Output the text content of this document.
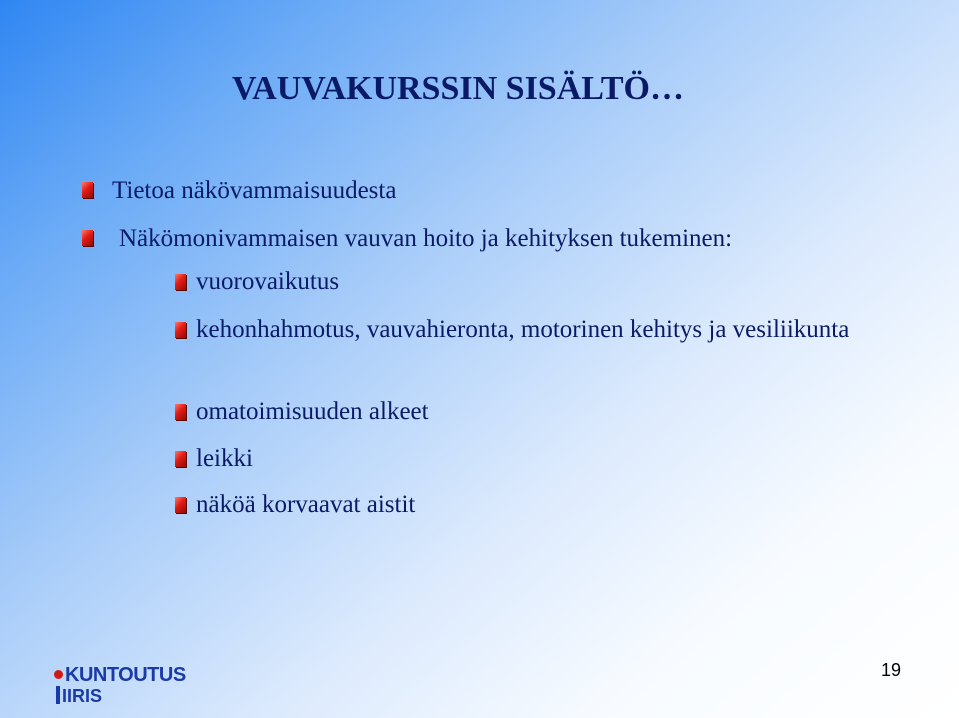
VAUVAKURSSIN SISÄLTÖ…
Tietoa näkövammaisuudesta
Näkömonivammaisen vauvan hoito ja kehityksen tukeminen:
vuorovaikutus
kehonhahmotus, vauvahieronta, motorinen kehitys ja vesiliikunta
omatoimisuuden alkeet
leikki
näköä korvaavat aistit
KUNTOUTUS
IIRIS
19
